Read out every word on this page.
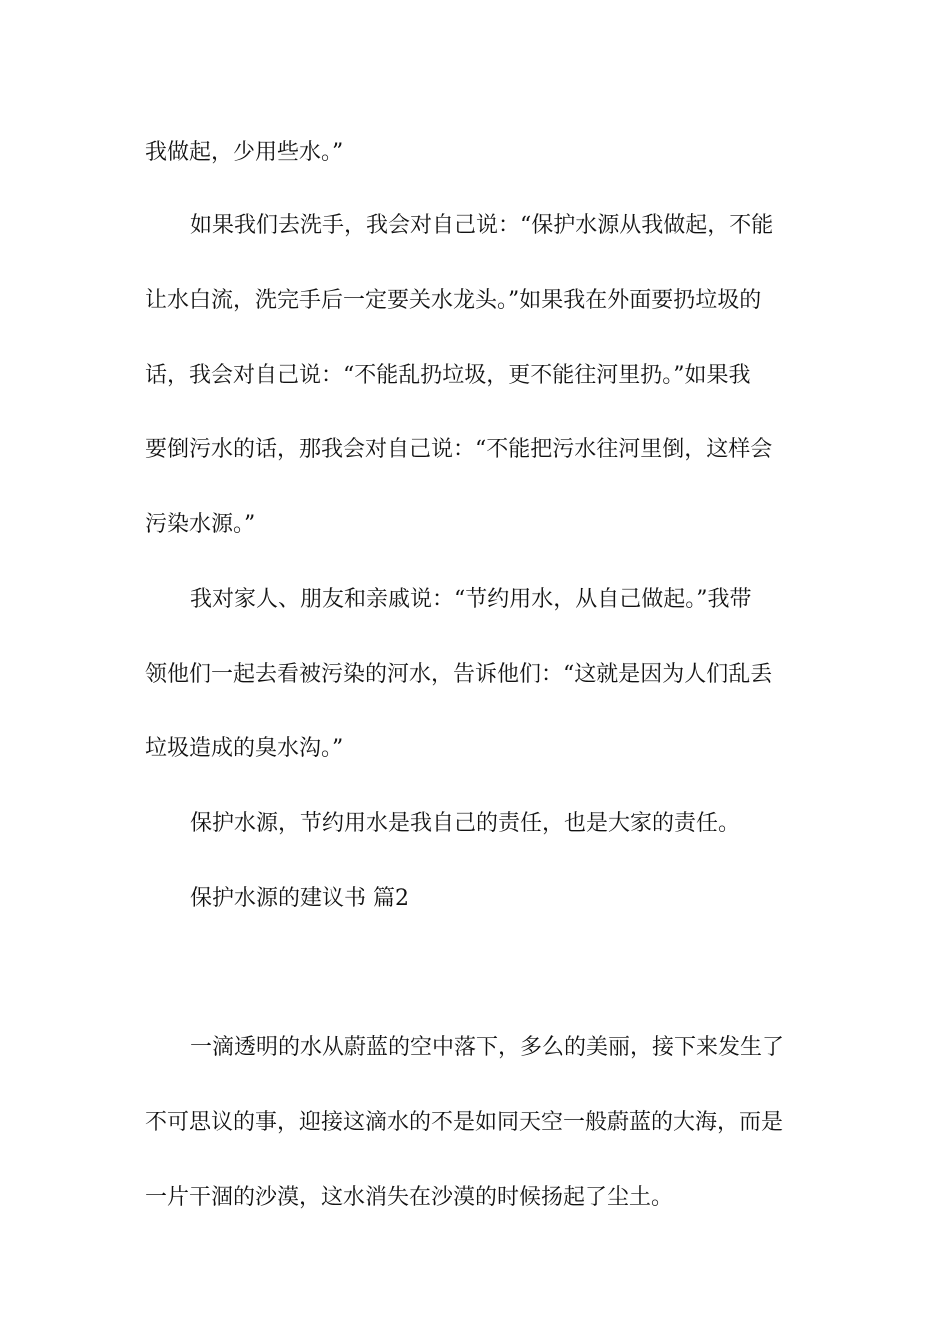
我做起，少用些水。”
如果我们去洗手，我会对自己说：“保护水源从我做起，不能
让水白流，洗完手后一定要关水龙头。”如果我在外面要扔垃圾的
话，我会对自己说：“不能乱扔垃圾，更不能往河里扔。”如果我
要倒污水的话，那我会对自己说：“不能把污水往河里倒，这样会
污染水源。”
我对家人、朋友和亲戚说：“节约用水，从自己做起。”我带
领他们一起去看被污染的河水，告诉他们：“这就是因为人们乱丢
垃圾造成的臭水沟。”
保护水源，节约用水是我自己的责任，也是大家的责任。
保护水源的建议书 篇2
一滴透明的水从蔚蓝的空中落下，多么的美丽，接下来发生了
不可思议的事，迎接这滴水的不是如同天空一般蔚蓝的大海，而是
一片干涸的沙漠，这水消失在沙漠的时候扬起了尘土。
